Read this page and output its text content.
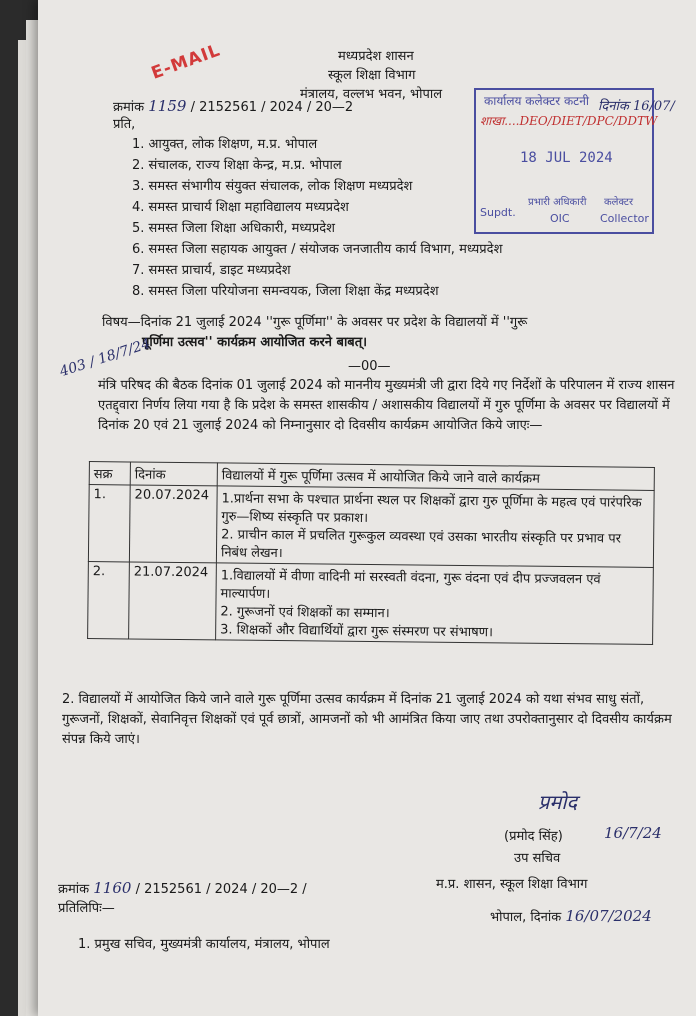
E-MAIL	मध्यप्रदेश शासन
स्कूल शिक्षा विभाग
मंत्रालय, वल्लभ भवन, भोपाल
क्रमांक 1159 / 2152561 / 2024 / 20—2
प्रति,
कार्यालय कलेक्टर कटनी
शाखा....DEO/DIET/DPC/DDTW
18 JUL 2024
Supdt.
प्रभारी अधिकारी कलेक्टर
OIC	Collector
दिनांक 16/07/
1. आयुक्त, लोक शिक्षण, म.प्र. भोपाल
2. संचालक, राज्य शिक्षा केन्द्र, म.प्र. भोपाल
3. समस्त संभागीय संयुक्त संचालक, लोक शिक्षण मध्यप्रदेश
4. समस्त प्राचार्य शिक्षा महाविद्यालय मध्यप्रदेश
5. समस्त जिला शिक्षा अधिकारी, मध्यप्रदेश
6. समस्त जिला सहायक आयुक्त / संयोजक जनजातीय कार्य विभाग, मध्यप्रदेश
7. समस्त प्राचार्य, डाइट मध्यप्रदेश
8. समस्त जिला परियोजना समन्वयक, जिला शिक्षा केंद्र मध्यप्रदेश
विषय—दिनांक 21 जुलाई 2024 ''गुरू पूर्णिमा'' के अवसर पर प्रदेश के विद्यालयों में ''गुरू
पूर्णिमा उत्सव'' कार्यक्रम आयोजित करने बाबत्।
403 / 18/7/24	—00—
मंत्रि परिषद की बैठक दिनांक 01 जुलाई 2024 को माननीय मुख्यमंत्री जी द्वारा दिये गए निर्देशों के परिपालन में राज्य शासन एतद्द्वारा निर्णय लिया गया है कि प्रदेश के समस्त शासकीय / अशासकीय विद्यालयों में गुरु पूर्णिमा के अवसर पर विद्यालयों में दिनांक 20 एवं 21 जुलाई 2024 को निम्नानुसार दो दिवसीय कार्यक्रम आयोजित किये जाएः—
सक्र	दिनांक	विद्यालयों में गुरू पूर्णिमा उत्सव में आयोजित किये जाने वाले कार्यक्रम
1.	20.07.2024	1.प्रार्थना सभा के पश्चात प्रार्थना स्थल पर शिक्षकों द्वारा गुरु पूर्णिमा के महत्व एवं पारंपरिक गुरु—शिष्य संस्कृति पर प्रकाश।
2. प्राचीन काल में प्रचलित गुरूकुल व्यवस्था एवं उसका भारतीय संस्कृति पर प्रभाव पर निबंध लेखन।

2.	21.07.2024	1.विद्यालयों में वीणा वादिनी मां सरस्वती वंदना, गुरू वंदना एवं दीप प्रज्जवलन एवं माल्यार्पण।
2. गुरूजनों एवं शिक्षकों का सम्मान।
3. शिक्षकों और विद्यार्थियों द्वारा गुरू संस्मरण पर संभाषण।
2. विद्यालयों में आयोजित किये जाने वाले गुरू पूर्णिमा उत्सव कार्यक्रम में दिनांक 21 जुलाई 2024 को यथा संभव साधु संतों, गुरूजनों, शिक्षकों, सेवानिवृत्त शिक्षकों एवं पूर्व छात्रों, आमजनों को भी आमंत्रित किया जाए तथा उपरोक्तानुसार दो दिवसीय कार्यक्रम संपन्न किये जाएं।
प्रमोद
(प्रमोद सिंह)	16/7/24
उप सचिव
क्रमांक 1160 / 2152561 / 2024 / 20—2 /
प्रतिलिपिः—
म.प्र. शासन, स्कूल शिक्षा विभाग
भोपाल, दिनांक 16/07/2024
1. प्रमुख सचिव, मुख्यमंत्री कार्यालय, मंत्रालय, भोपाल
